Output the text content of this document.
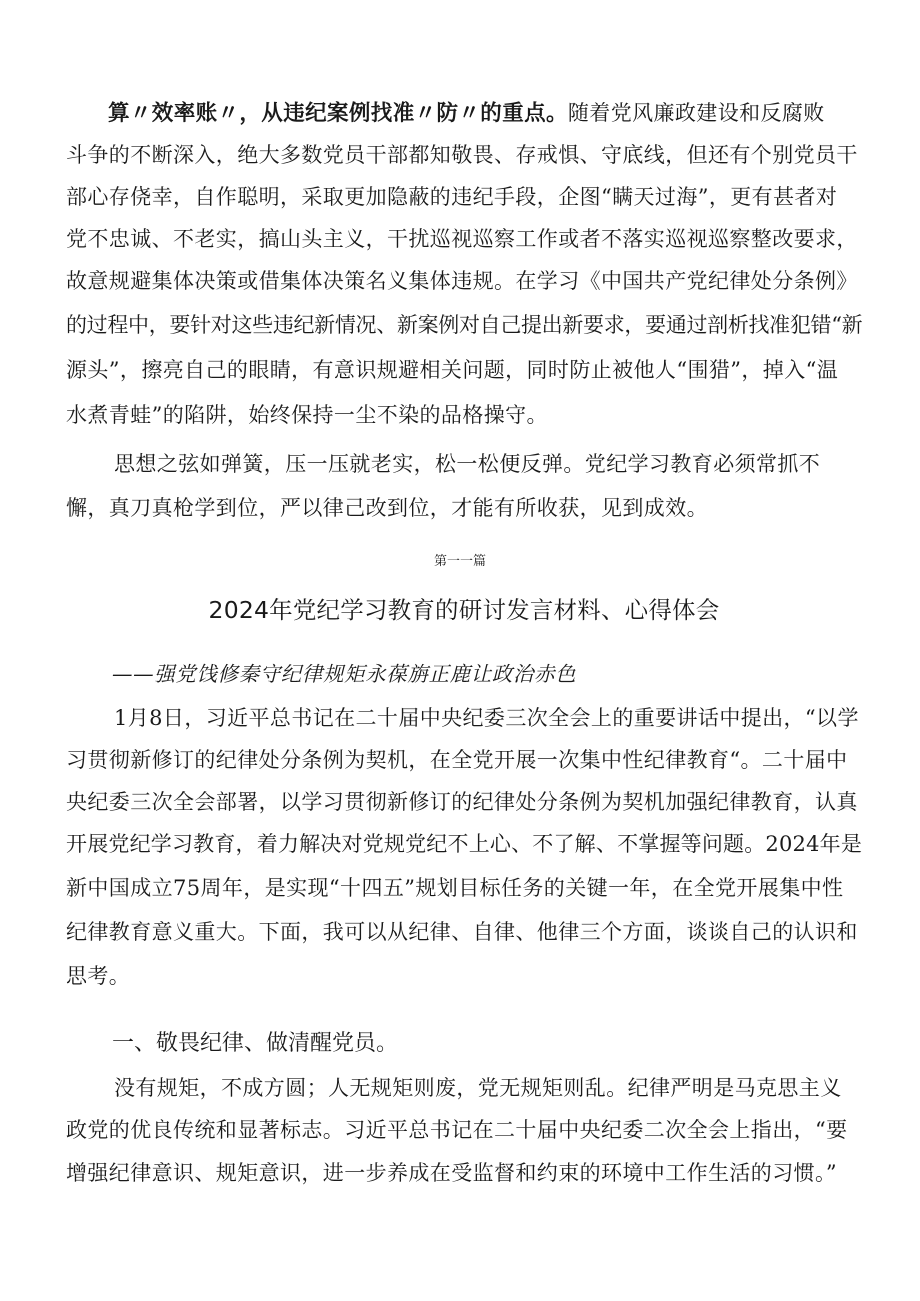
算〃效率账〃，从违纪案例找准〃防〃的重点。随着党风廉政建设和反腐败
斗争的不断深入，绝大多数党员干部都知敬畏、存戒惧、守底线，但还有个别党员干
部心存侥幸，自作聪明，采取更加隐蔽的违纪手段，企图“瞒天过海”，更有甚者对
党不忠诚、不老实，搞山头主义，干扰巡视巡察工作或者不落实巡视巡察整改要求，
故意规避集体决策或借集体决策名义集体违规。在学习《中国共产党纪律处分条例》
的过程中，要针对这些违纪新情况、新案例对自己提出新要求，要通过剖析找准犯错“新
源头”，擦亮自己的眼睛，有意识规避相关问题，同时防止被他人“围猎”，掉入“温
水煮青蛙”的陷阱，始终保持一尘不染的品格操守。
思想之弦如弹簧，压一压就老实，松一松便反弹。党纪学习教育必须常抓不
懈，真刀真枪学到位，严以律己改到位，才能有所收获，见到成效。
第一一篇
2024年党纪学习教育的研讨发言材料、心得体会
——强党饯修秦守纪律规矩永葆旃正鹿让政治赤色
1月8日，习近平总书记在二十届中央纪委三次全会上的重要讲话中提出，“以学
习贯彻新修订的纪律处分条例为契机，在全党开展一次集中性纪律教育“。二十届中
央纪委三次全会部署，以学习贯彻新修订的纪律处分条例为契机加强纪律教育，认真
开展党纪学习教育，着力解决对党规党纪不上心、不了解、不掌握等问题。2024年是
新中国成立75周年，是实现“十四五”规划目标任务的关键一年，在全党开展集中性
纪律教育意义重大。下面，我可以从纪律、自律、他律三个方面，谈谈自己的认识和
思考。
一、敬畏纪律、做清醒党员。
没有规矩，不成方圆；人无规矩则废，党无规矩则乱。纪律严明是马克思主义
政党的优良传统和显著标志。习近平总书记在二十届中央纪委二次全会上指出，“要
增强纪律意识、规矩意识，进一步养成在受监督和约束的环境中工作生活的习惯。”
